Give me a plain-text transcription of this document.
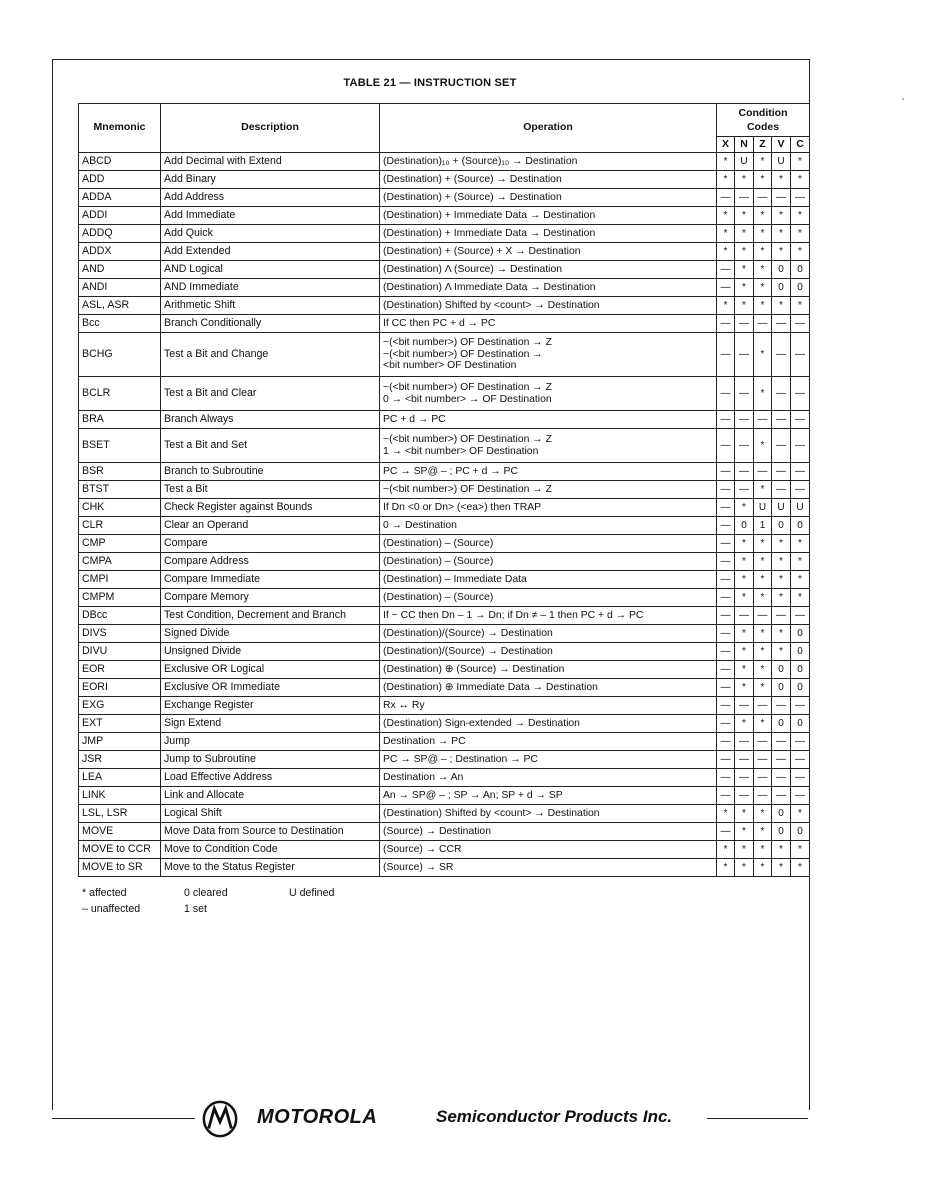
TABLE 21 — INSTRUCTION SET
Mnemonic	Description	Operation	Condition Codes				
			X	N	Z	V	C
ABCD	Add Decimal with Extend	(Destination)₁₀ + (Source)₁₀ → Destination	*	U	*	U	*
ADD	Add Binary	(Destination) + (Source) → Destination	*	*	*	*	*
ADDA	Add Address	(Destination) + (Source) → Destination	—	—	—	—	—
ADDI	Add Immediate	(Destination) + Immediate Data → Destination	*	*	*	*	*
ADDQ	Add Quick	(Destination) + Immediate Data → Destination	*	*	*	*	*
ADDX	Add Extended	(Destination) + (Source) + X → Destination	*	*	*	*	*
AND	AND Logical	(Destination) Λ (Source) → Destination	—	*	*	0	0
ANDI	AND Immediate	(Destination) Λ Immediate Data → Destination	—	*	*	0	0
ASL, ASR	Arithmetic Shift	(Destination) Shifted by <count> → Destination	*	*	*	*	*
Bcc	Branch Conditionally	If CC then PC + d → PC	—	—	—	—	—
BCHG	Test a Bit and Change	~(<bit number>) OF Destination → Z
~(<bit number>) OF Destination →
<bit number> OF Destination	—	—	*	—	—
BCLR	Test a Bit and Clear	~(<bit number>) OF Destination → Z
0 → <bit number> → OF Destination	—	—	*	—	—
BRA	Branch Always	PC + d → PC	—	—	—	—	—
BSET	Test a Bit and Set	~(<bit number>) OF Destination → Z
1 → <bit number> OF Destination	—	—	*	—	—
BSR	Branch to Subroutine	PC → SP@ – ; PC + d → PC	—	—	—	—	—
BTST	Test a Bit	~(<bit number>) OF Destination → Z	—	—	*	—	—
CHK	Check Register against Bounds	If Dn <0 or Dn> (<ea>) then TRAP	—	*	U	U	U
CLR	Clear an Operand	0 → Destination	—	0	1	0	0
CMP	Compare	(Destination) – (Source)	—	*	*	*	*
CMPA	Compare Address	(Destination) – (Source)	—	*	*	*	*
CMPI	Compare Immediate	(Destination) – Immediate Data	—	*	*	*	*
CMPM	Compare Memory	(Destination) – (Source)	—	*	*	*	*
DBcc	Test Condition, Decrement and Branch	If ~ CC then Dn – 1 → Dn; if Dn ≠ – 1 then PC + d → PC	—	—	—	—	—
DIVS	Signed Divide	(Destination)/(Source) → Destination	—	*	*	*	0
DIVU	Unsigned Divide	(Destination)/(Source) → Destination	—	*	*	*	0
EOR	Exclusive OR Logical	(Destination) ⊕ (Source) → Destination	—	*	*	0	0
EORI	Exclusive OR Immediate	(Destination) ⊕ Immediate Data → Destination	—	*	*	0	0
EXG	Exchange Register	Rx ↔ Ry	—	—	—	—	—
EXT	Sign Extend	(Destination) Sign-extended → Destination	—	*	*	0	0
JMP	Jump	Destination → PC	—	—	—	—	—
JSR	Jump to Subroutine	PC → SP@ – ; Destination → PC	—	—	—	—	—
LEA	Load Effective Address	Destination → An	—	—	—	—	—
LINK	Link and Allocate	An → SP@ – ; SP → An; SP + d → SP	—	—	—	—	—
LSL, LSR	Logical Shift	(Destination) Shifted by <count> → Destination	*	*	*	0	*
MOVE	Move Data from Source to Destination	(Source) → Destination	—	*	*	0	0
MOVE to CCR	Move to Condition Code	(Source) → CCR	*	*	*	*	*
MOVE to SR	Move to the Status Register	(Source) → SR	*	*	*	*	*
* affected
– unaffected
0 cleared
1 set
U defined
MOTOROLA	Semiconductor Products Inc.
